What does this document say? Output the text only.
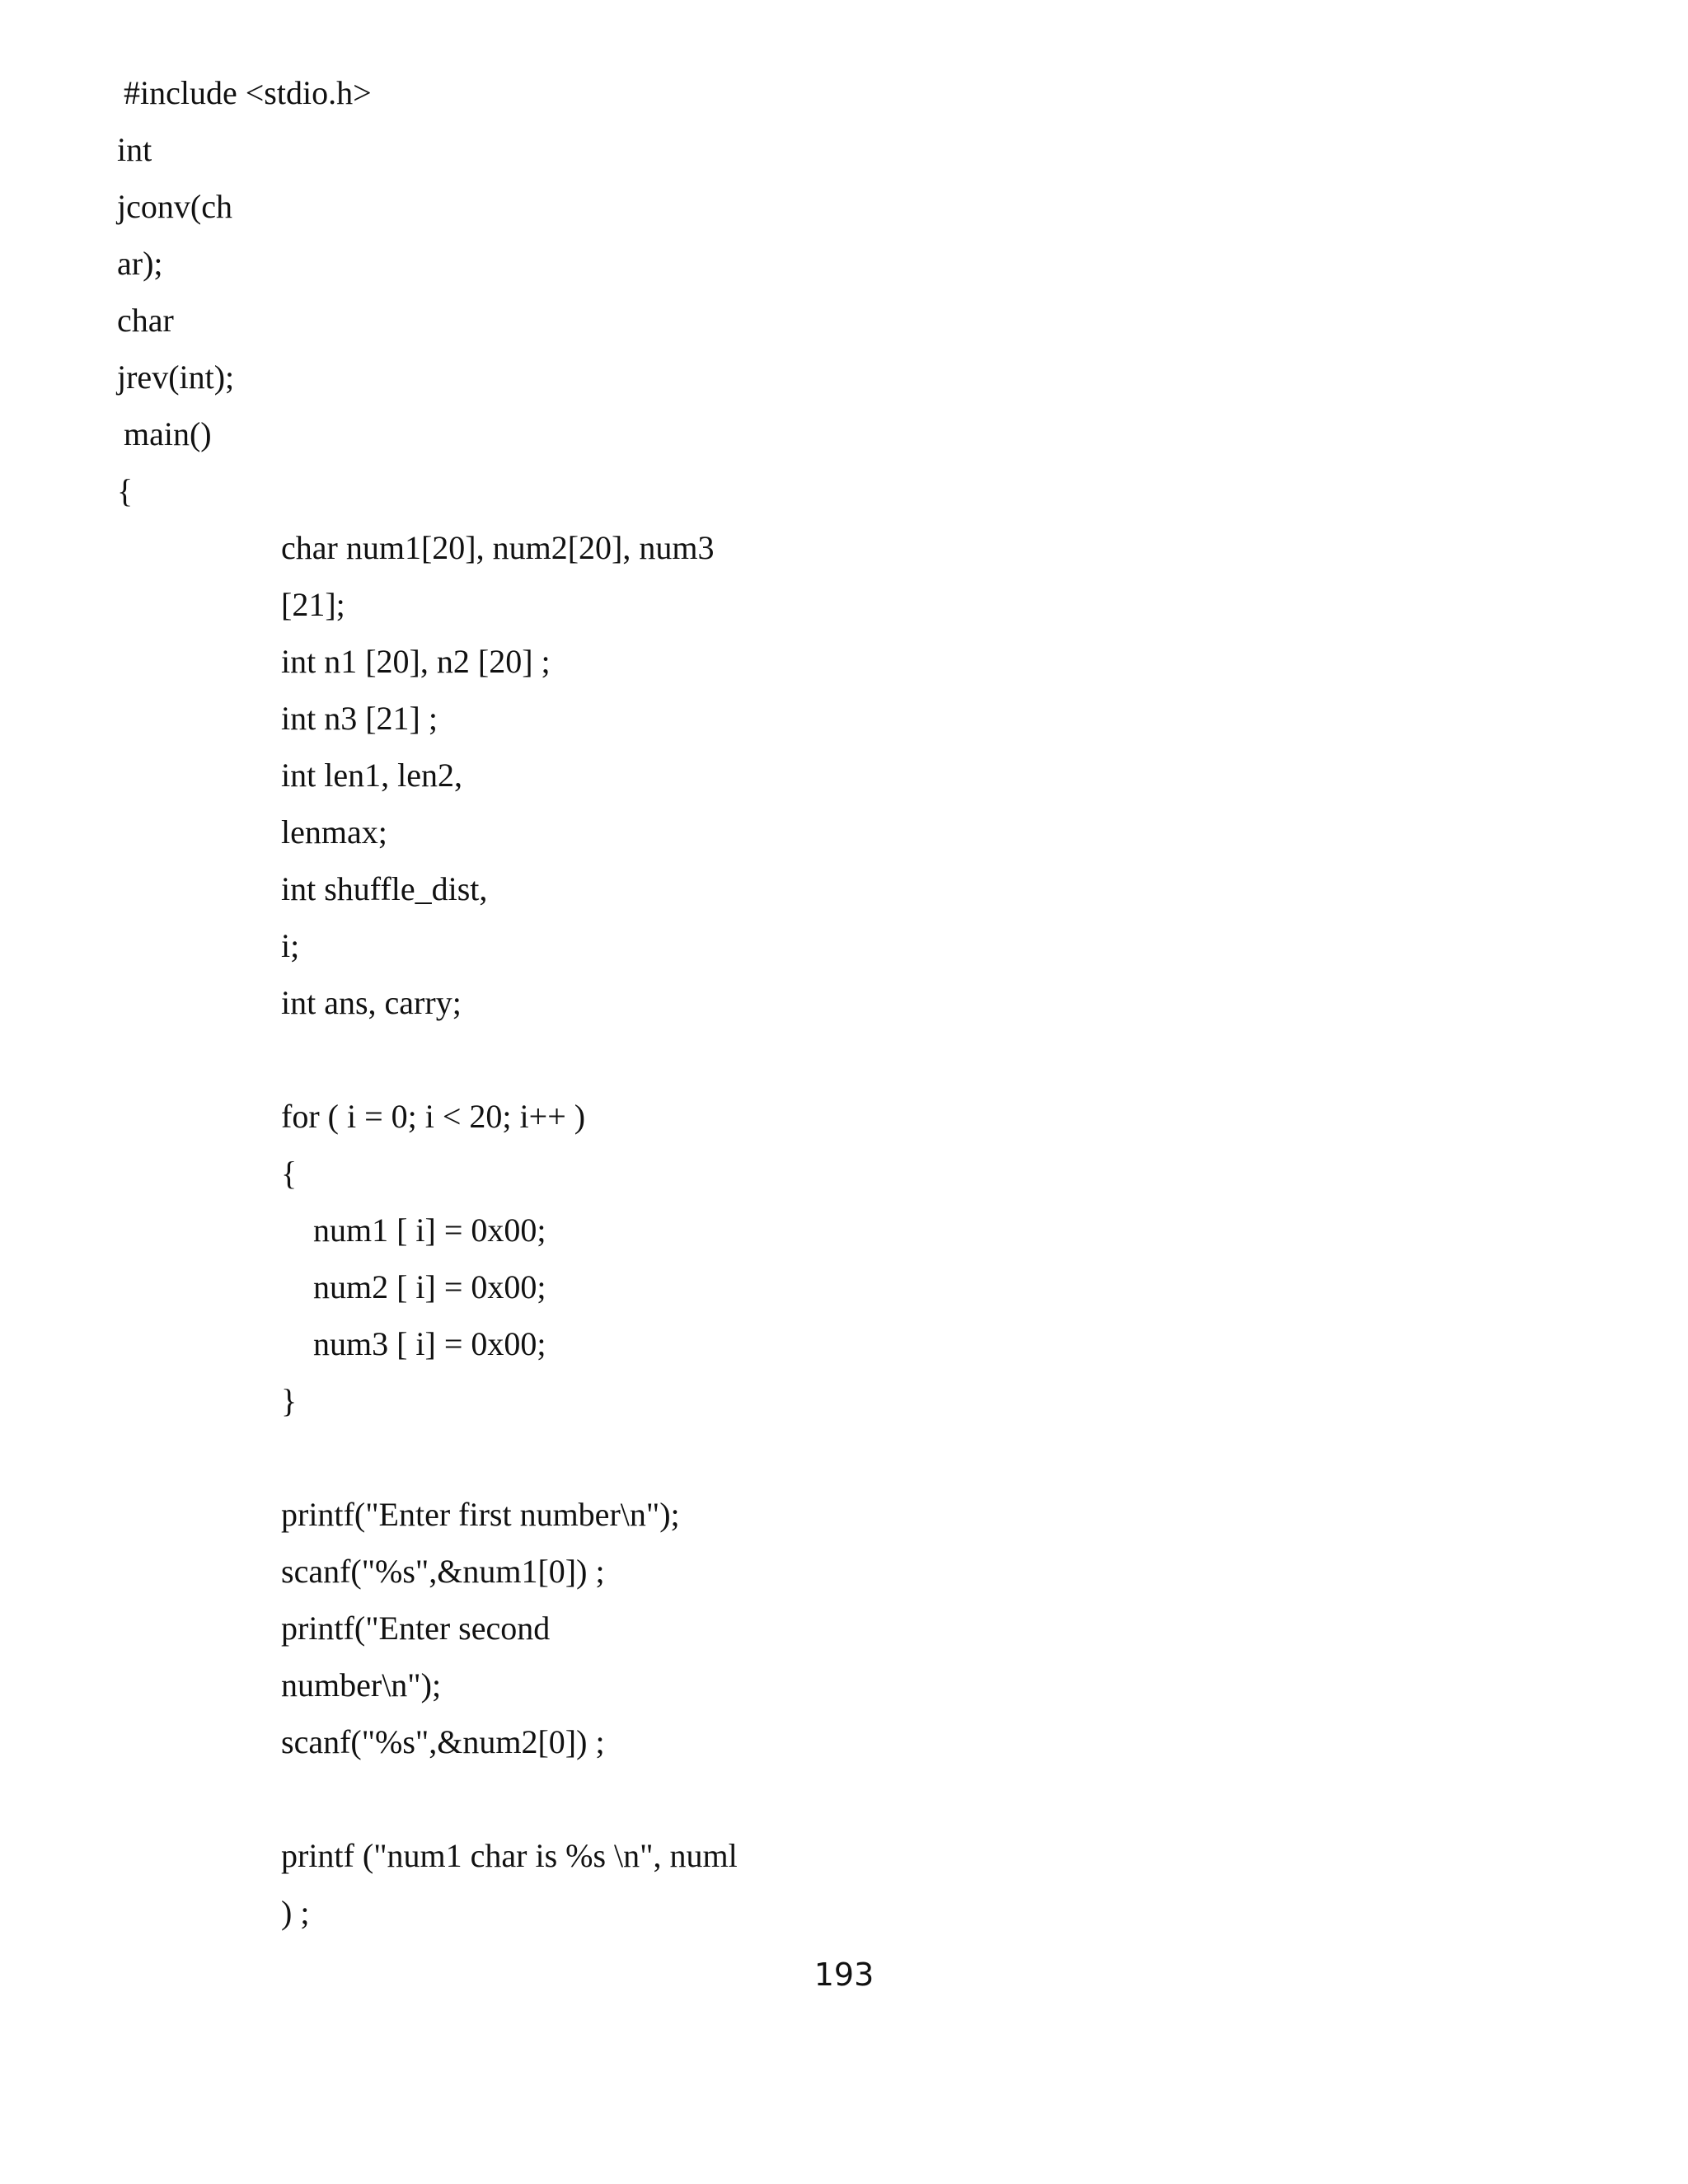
#include <stdio.h>

int

jconv(ch

ar);

char

jrev(int);

main()

{

char num1[20], num2[20], num3

[21];

int n1 [20], n2 [20] ;

int n3 [21] ;

int len1, len2,

lenmax;

int shuffle_dist,

i;

int ans, carry;

for ( i = 0; i < 20; i++ )

{

num1 [ i] = 0x00;

num2 [ i] = 0x00;

num3 [ i] = 0x00;

}

printf("Enter first number\n");

scanf("%s",&num1[0]) ;

printf("Enter second

number\n");

scanf("%s",&num2[0]) ;

printf ("num1 char is %s \n", numl

) ;

193
